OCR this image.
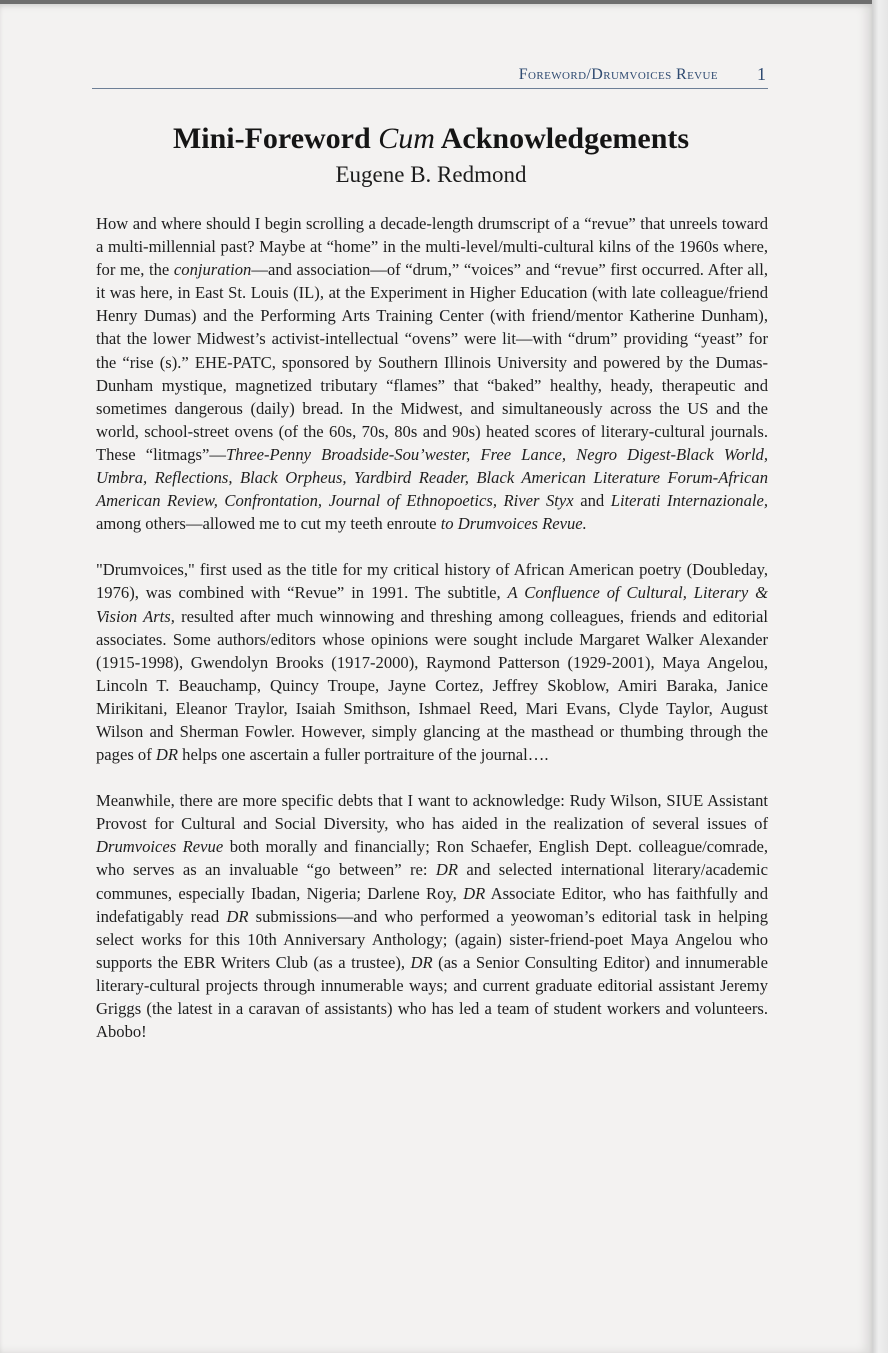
Foreword/Drumvoices Revue 1
Mini-Foreword Cum Acknowledgements
Eugene B. Redmond

How and where should I begin scrolling a decade-length drumscript of a “revue” that unreels toward a multi-millennial past? Maybe at “home” in the multi-level/multi-cultural kilns of the 1960s where, for me, the conjuration—and association—of “drum,” “voices” and “revue” first occurred. After all, it was here, in East St. Louis (IL), at the Experiment in Higher Education (with late colleague/friend Henry Dumas) and the Performing Arts Training Center (with friend/mentor Katherine Dunham), that the lower Midwest’s activist-intellectual “ovens” were lit—with “drum” providing “yeast” for the “rise (s).” EHE-PATC, sponsored by Southern Illinois University and powered by the Dumas-Dunham mystique, magnetized tributary “flames” that “baked” healthy, heady, therapeutic and sometimes dangerous (daily) bread. In the Midwest, and simultaneously across the US and the world, school-street ovens (of the 60s, 70s, 80s and 90s) heated scores of literary-cultural journals. These “litmags”—Three-Penny Broadside-Sou’wester, Free Lance, Negro Digest-Black World, Umbra, Reflections, Black Orpheus, Yardbird Reader, Black American Literature Forum-African American Review, Confrontation, Journal of Ethnopoetics, River Styx and Literati Internazionale, among others—allowed me to cut my teeth enroute to Drumvoices Revue.

"Drumvoices," first used as the title for my critical history of African American poetry (Doubleday, 1976), was combined with “Revue” in 1991. The subtitle, A Confluence of Cultural, Literary & Vision Arts, resulted after much winnowing and threshing among colleagues, friends and editorial associates. Some authors/editors whose opinions were sought include Margaret Walker Alexander (1915-1998), Gwendolyn Brooks (1917-2000), Raymond Patterson (1929-2001), Maya Angelou, Lincoln T. Beauchamp, Quincy Troupe, Jayne Cortez, Jeffrey Skoblow, Amiri Baraka, Janice Mirikitani, Eleanor Traylor, Isaiah Smithson, Ishmael Reed, Mari Evans, Clyde Taylor, August Wilson and Sherman Fowler. However, simply glancing at the masthead or thumbing through the pages of DR helps one ascertain a fuller portraiture of the journal….

Meanwhile, there are more specific debts that I want to acknowledge: Rudy Wilson, SIUE Assistant Provost for Cultural and Social Diversity, who has aided in the realization of several issues of Drumvoices Revue both morally and financially; Ron Schaefer, English Dept. colleague/comrade, who serves as an invaluable “go between” re: DR and selected international literary/academic communes, especially Ibadan, Nigeria; Darlene Roy, DR Associate Editor, who has faithfully and indefatigably read DR submissions—and who performed a yeowoman’s editorial task in helping select works for this 10th Anniversary Anthology; (again) sister-friend-poet Maya Angelou who supports the EBR Writers Club (as a trustee), DR (as a Senior Consulting Editor) and innumerable literary-cultural projects through innumerable ways; and current graduate editorial assistant Jeremy Griggs (the latest in a caravan of assistants) who has led a team of student workers and volunteers. Abobo!
